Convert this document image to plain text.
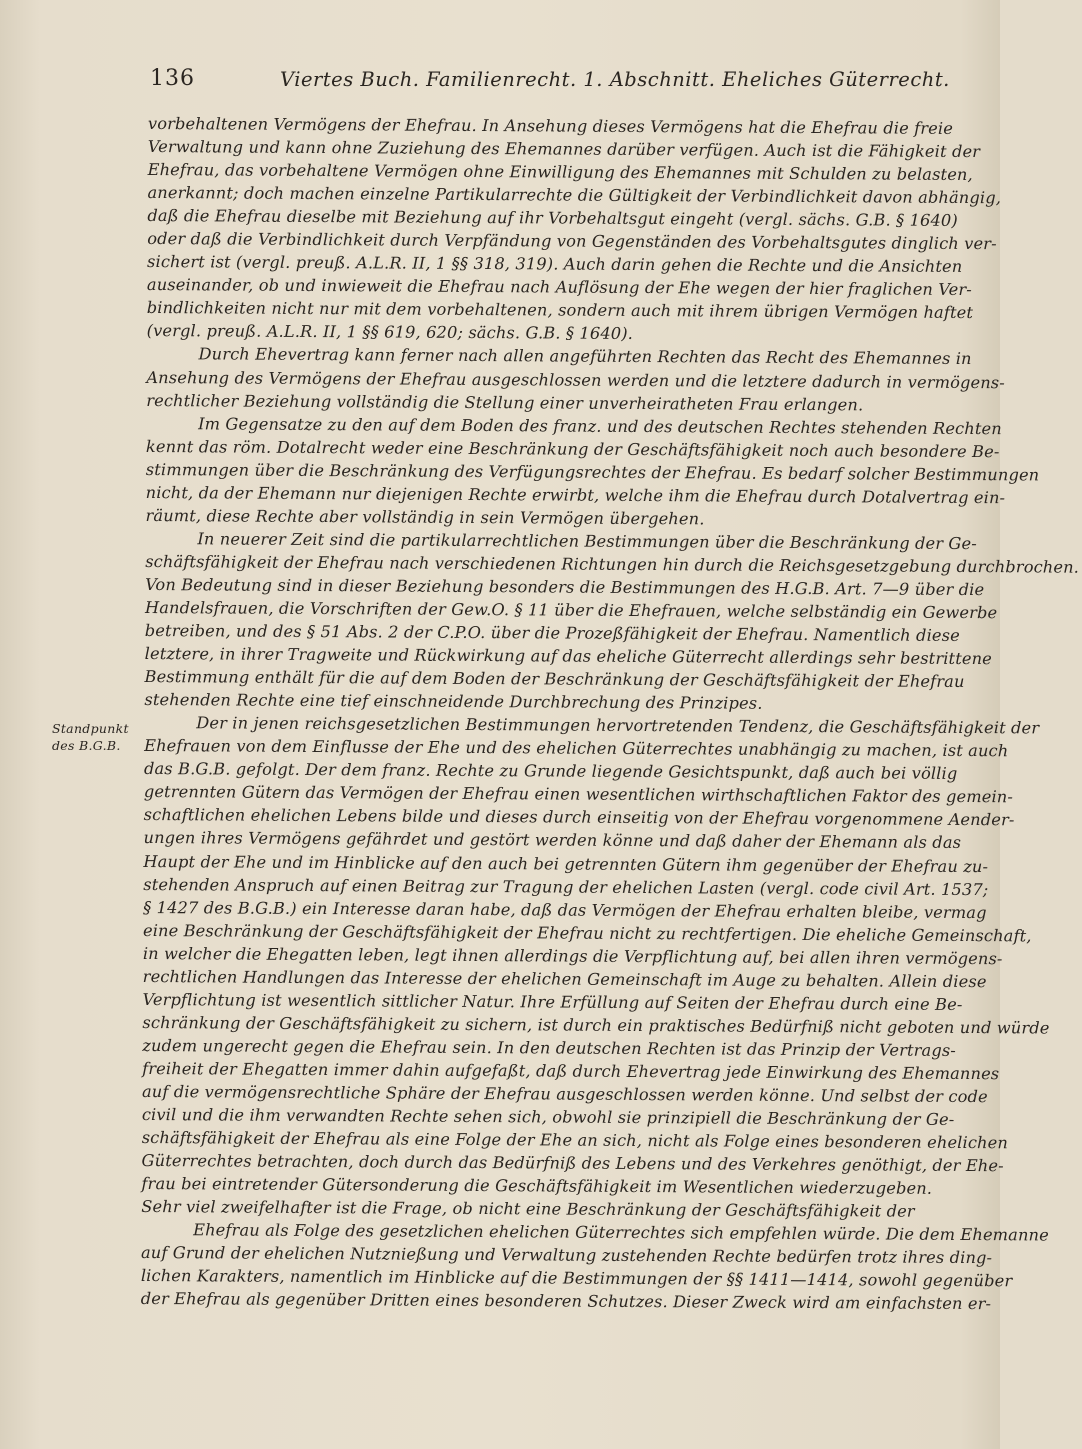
136	Viertes Buch. Familienrecht. 1. Abschnitt. Eheliches Güterrecht.
Standpunkt
des B.G.B.
vorbehaltenen Vermögens der Ehefrau. In Ansehung dieses Vermögens hat die Ehefrau die freie
Verwaltung und kann ohne Zuziehung des Ehemannes darüber verfügen. Auch ist die Fähigkeit der
Ehefrau, das vorbehaltene Vermögen ohne Einwilligung des Ehemannes mit Schulden zu belasten,
anerkannt; doch machen einzelne Partikularrechte die Gültigkeit der Verbindlichkeit davon abhängig,
daß die Ehefrau dieselbe mit Beziehung auf ihr Vorbehaltsgut eingeht (vergl. sächs. G.B. § 1640)
oder daß die Verbindlichkeit durch Verpfändung von Gegenständen des Vorbehaltsgutes dinglich ver-
sichert ist (vergl. preuß. A.L.R. II, 1 §§ 318, 319). Auch darin gehen die Rechte und die Ansichten
auseinander, ob und inwieweit die Ehefrau nach Auflösung der Ehe wegen der hier fraglichen Ver-
bindlichkeiten nicht nur mit dem vorbehaltenen, sondern auch mit ihrem übrigen Vermögen haftet
(vergl. preuß. A.L.R. II, 1 §§ 619, 620; sächs. G.B. § 1640).
Durch Ehevertrag kann ferner nach allen angeführten Rechten das Recht des Ehemannes in
Ansehung des Vermögens der Ehefrau ausgeschlossen werden und die letztere dadurch in vermögens-
rechtlicher Beziehung vollständig die Stellung einer unverheiratheten Frau erlangen.
Im Gegensatze zu den auf dem Boden des franz. und des deutschen Rechtes stehenden Rechten
kennt das röm. Dotalrecht weder eine Beschränkung der Geschäftsfähigkeit noch auch besondere Be-
stimmungen über die Beschränkung des Verfügungsrechtes der Ehefrau. Es bedarf solcher Bestimmungen
nicht, da der Ehemann nur diejenigen Rechte erwirbt, welche ihm die Ehefrau durch Dotalvertrag ein-
räumt, diese Rechte aber vollständig in sein Vermögen übergehen.
In neuerer Zeit sind die partikularrechtlichen Bestimmungen über die Beschränkung der Ge-
schäftsfähigkeit der Ehefrau nach verschiedenen Richtungen hin durch die Reichsgesetzgebung durchbrochen.
Von Bedeutung sind in dieser Beziehung besonders die Bestimmungen des H.G.B. Art. 7—9 über die
Handelsfrauen, die Vorschriften der Gew.O. § 11 über die Ehefrauen, welche selbständig ein Gewerbe
betreiben, und des § 51 Abs. 2 der C.P.O. über die Prozeßfähigkeit der Ehefrau. Namentlich diese
letztere, in ihrer Tragweite und Rückwirkung auf das eheliche Güterrecht allerdings sehr bestrittene
Bestimmung enthält für die auf dem Boden der Beschränkung der Geschäftsfähigkeit der Ehefrau
stehenden Rechte eine tief einschneidende Durchbrechung des Prinzipes.
Der in jenen reichsgesetzlichen Bestimmungen hervortretenden Tendenz, die Geschäftsfähigkeit der
Ehefrauen von dem Einflusse der Ehe und des ehelichen Güterrechtes unabhängig zu machen, ist auch
das B.G.B. gefolgt. Der dem franz. Rechte zu Grunde liegende Gesichtspunkt, daß auch bei völlig
getrennten Gütern das Vermögen der Ehefrau einen wesentlichen wirthschaftlichen Faktor des gemein-
schaftlichen ehelichen Lebens bilde und dieses durch einseitig von der Ehefrau vorgenommene Aender-
ungen ihres Vermögens gefährdet und gestört werden könne und daß daher der Ehemann als das
Haupt der Ehe und im Hinblicke auf den auch bei getrennten Gütern ihm gegenüber der Ehefrau zu-
stehenden Anspruch auf einen Beitrag zur Tragung der ehelichen Lasten (vergl. code civil Art. 1537;
§ 1427 des B.G.B.) ein Interesse daran habe, daß das Vermögen der Ehefrau erhalten bleibe, vermag
eine Beschränkung der Geschäftsfähigkeit der Ehefrau nicht zu rechtfertigen. Die eheliche Gemeinschaft,
in welcher die Ehegatten leben, legt ihnen allerdings die Verpflichtung auf, bei allen ihren vermögens-
rechtlichen Handlungen das Interesse der ehelichen Gemeinschaft im Auge zu behalten. Allein diese
Verpflichtung ist wesentlich sittlicher Natur. Ihre Erfüllung auf Seiten der Ehefrau durch eine Be-
schränkung der Geschäftsfähigkeit zu sichern, ist durch ein praktisches Bedürfniß nicht geboten und würde
zudem ungerecht gegen die Ehefrau sein. In den deutschen Rechten ist das Prinzip der Vertrags-
freiheit der Ehegatten immer dahin aufgefaßt, daß durch Ehevertrag jede Einwirkung des Ehemannes
auf die vermögensrechtliche Sphäre der Ehefrau ausgeschlossen werden könne. Und selbst der code
civil und die ihm verwandten Rechte sehen sich, obwohl sie prinzipiell die Beschränkung der Ge-
schäftsfähigkeit der Ehefrau als eine Folge der Ehe an sich, nicht als Folge eines besonderen ehelichen
Güterrechtes betrachten, doch durch das Bedürfniß des Lebens und des Verkehres genöthigt, der Ehe-
frau bei eintretender Gütersonderung die Geschäftsfähigkeit im Wesentlichen wiederzugeben.
Sehr viel zweifelhafter ist die Frage, ob nicht eine Beschränkung der Geschäftsfähigkeit der
Ehefrau als Folge des gesetzlichen ehelichen Güterrechtes sich empfehlen würde. Die dem Ehemanne
auf Grund der ehelichen Nutznießung und Verwaltung zustehenden Rechte bedürfen trotz ihres ding-
lichen Karakters, namentlich im Hinblicke auf die Bestimmungen der §§ 1411—1414, sowohl gegenüber
der Ehefrau als gegenüber Dritten eines besonderen Schutzes. Dieser Zweck wird am einfachsten er-
